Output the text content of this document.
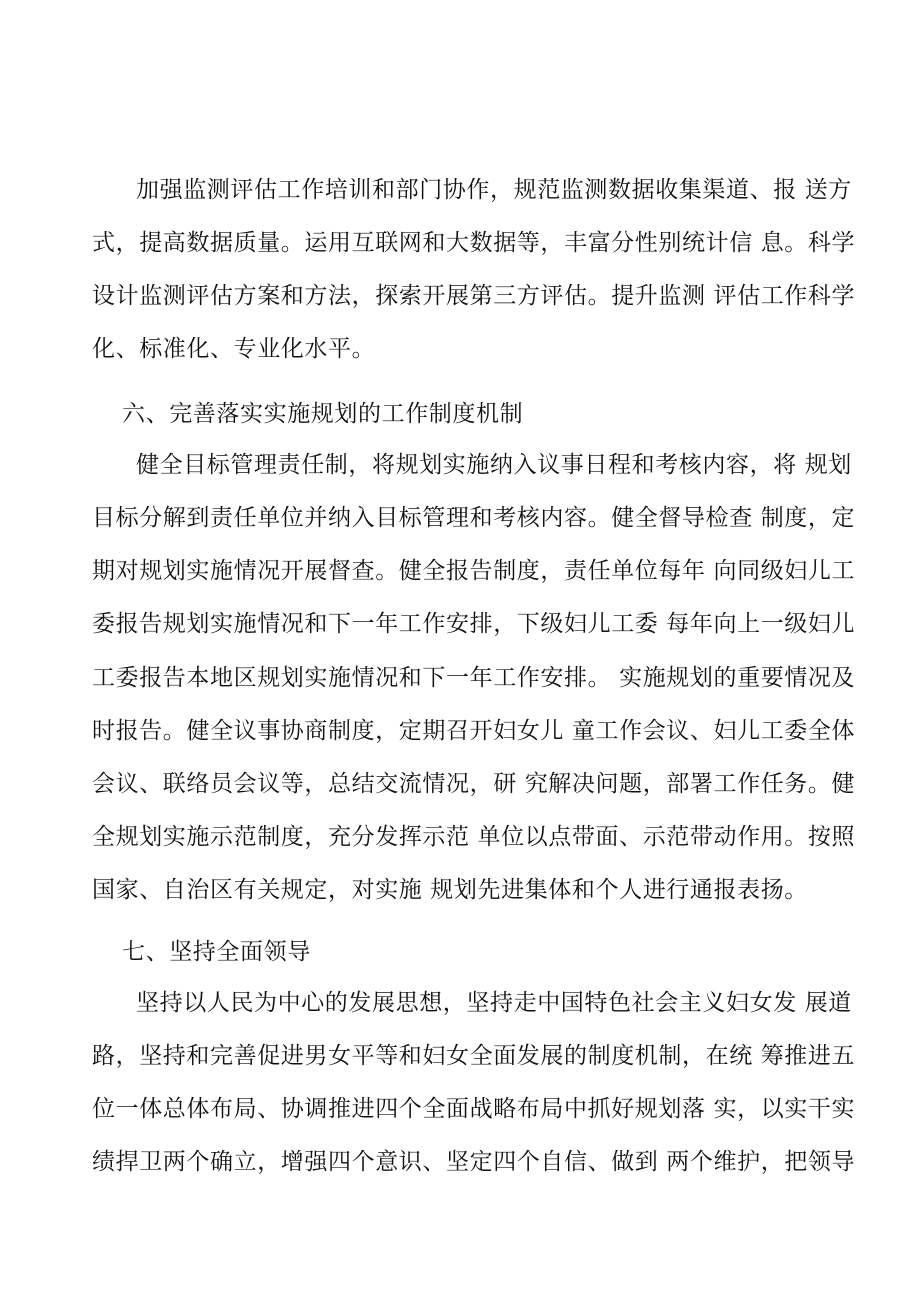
加强监测评估工作培训和部门协作，规范监测数据收集渠道、报 送方
式，提高数据质量。运用互联网和大数据等，丰富分性别统计信 息。科学
设计监测评估方案和方法，探索开展第三方评估。提升监测 评估工作科学
化、标准化、专业化水平。
六、完善落实实施规划的工作制度机制
健全目标管理责任制，将规划实施纳入议事日程和考核内容，将 规划
目标分解到责任单位并纳入目标管理和考核内容。健全督导检查 制度，定
期对规划实施情况开展督查。健全报告制度，责任单位每年 向同级妇儿工
委报告规划实施情况和下一年工作安排，下级妇儿工委 每年向上一级妇儿
工委报告本地区规划实施情况和下一年工作安排。 实施规划的重要情况及
时报告。健全议事协商制度，定期召开妇女儿 童工作会议、妇儿工委全体
会议、联络员会议等，总结交流情况，研 究解决问题，部署工作任务。健
全规划实施示范制度，充分发挥示范 单位以点带面、示范带动作用。按照
国家、自治区有关规定，对实施 规划先进集体和个人进行通报表扬。
七、坚持全面领导
坚持以人民为中心的发展思想，坚持走中国特色社会主义妇女发 展道
路，坚持和完善促进男女平等和妇女全面发展的制度机制，在统 筹推进五
位一体总体布局、协调推进四个全面战略布局中抓好规划落 实，以实干实
绩捍卫两个确立，增强四个意识、坚定四个自信、做到 两个维护，把领导
